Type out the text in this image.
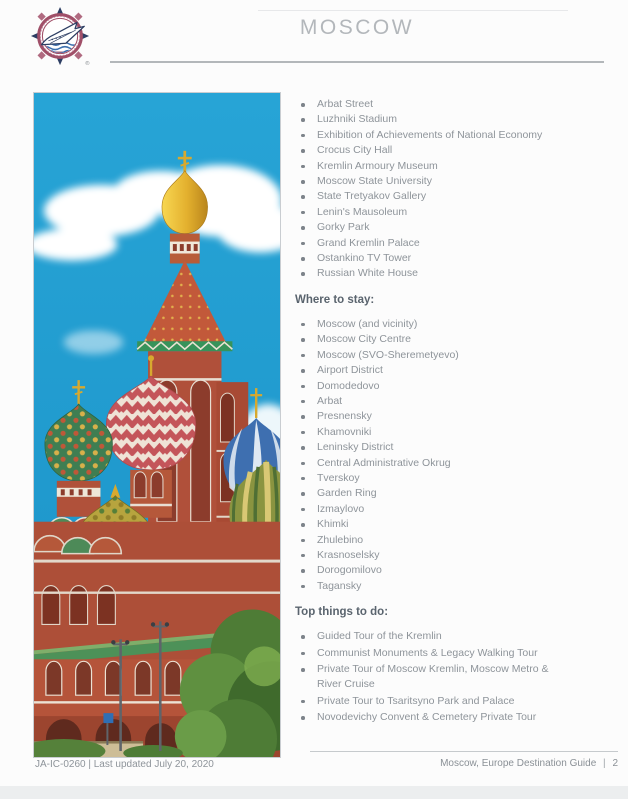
®
MOSCOW
Arbat Street
Luzhniki Stadium
Exhibition of Achievements of National Economy
Crocus City Hall
Kremlin Armoury Museum
Moscow State University
State Tretyakov Gallery
Lenin's Mausoleum
Gorky Park
Grand Kremlin Palace
Ostankino TV Tower
Russian White House
Where to stay:
Moscow (and vicinity)
Moscow City Centre
Moscow (SVO-Sheremetyevo)
Airport District
Domodedovo
Arbat
Presnensky
Khamovniki
Leninsky District
Central Administrative Okrug
Tverskoy
Garden Ring
Izmaylovo
Khimki
Zhulebino
Krasnoselsky
Dorogomilovo
Tagansky
Top things to do:
Guided Tour of the Kremlin
Communist Monuments & Legacy Walking Tour
Private Tour of Moscow Kremlin, Moscow Metro & River Cruise
Private Tour to Tsaritsyno Park and Palace
Novodevichy Convent & Cemetery Private Tour
JA-IC-0260 | Last updated July 20, 2020	Moscow, Europe Destination Guide | 2
